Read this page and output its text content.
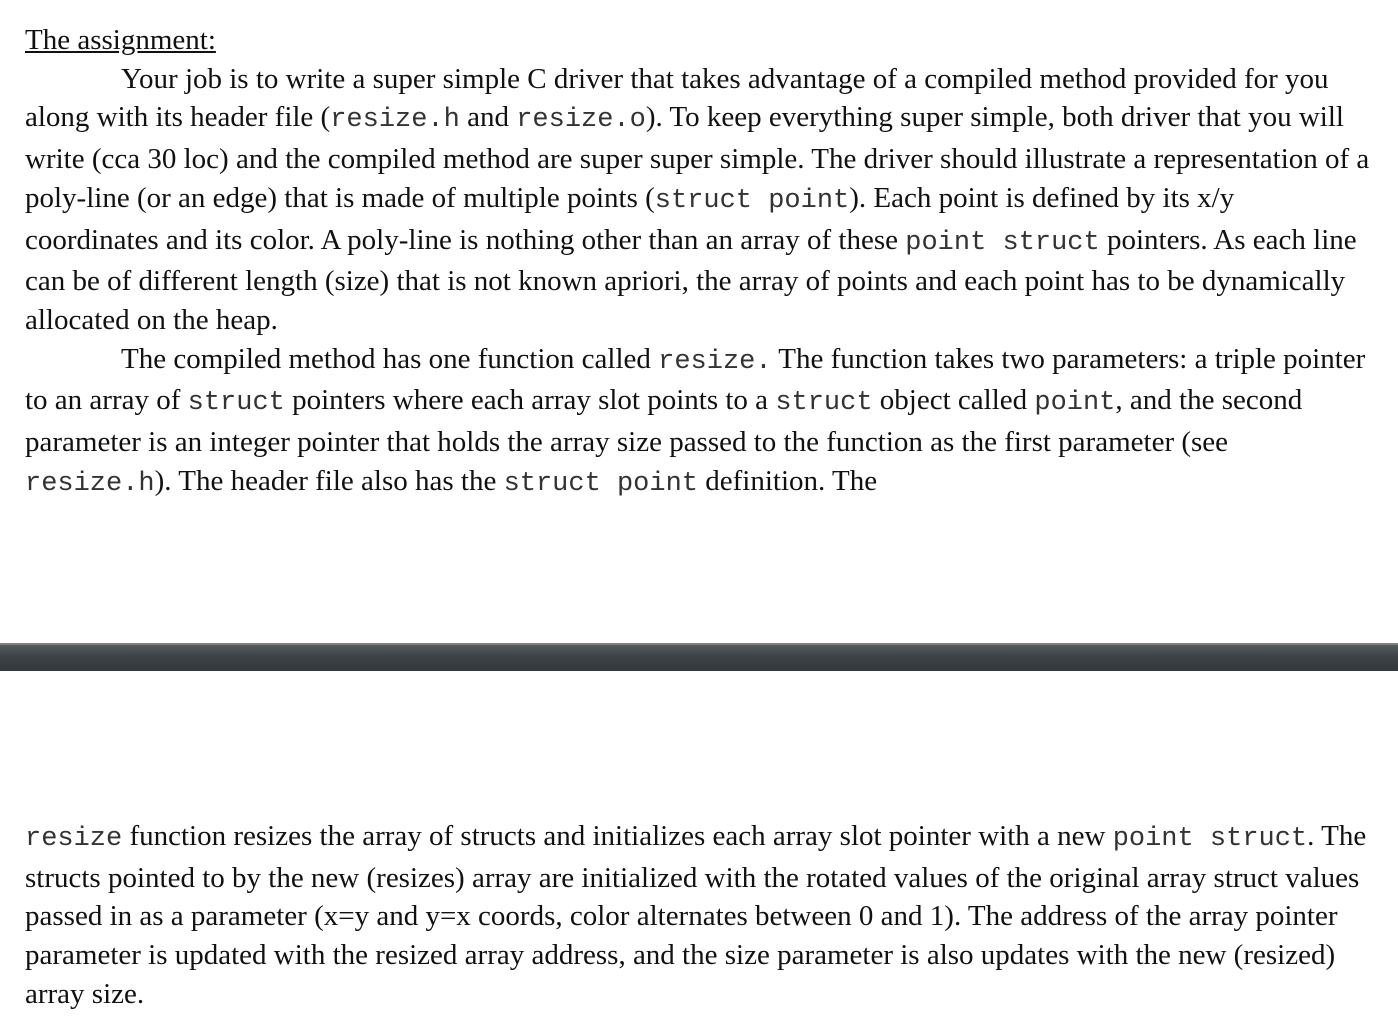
The assignment:

Your job is to write a super simple C driver that takes advantage of a compiled method provided for you along with its header file (resize.h and resize.o). To keep everything super simple, both driver that you will write (cca 30 loc) and the compiled method are super super simple. The driver should illustrate a representation of a poly-line (or an edge) that is made of multiple points (struct point). Each point is defined by its x/y coordinates and its color. A poly-line is nothing other than an array of these point struct pointers. As each line can be of different length (size) that is not known apriori, the array of points and each point has to be dynamically allocated on the heap.

The compiled method has one function called resize. The function takes two parameters: a triple pointer to an array of struct pointers where each array slot points to a struct object called point, and the second parameter is an integer pointer that holds the array size passed to the function as the first parameter (see resize.h). The header file also has the struct point definition. The

resize function resizes the array of structs and initializes each array slot pointer with a new point struct. The structs pointed to by the new (resizes) array are initialized with the rotated values of the original array struct values passed in as a parameter (x=y and y=x coords, color alternates between 0 and 1). The address of the array pointer parameter is updated with the resized array address, and the size parameter is also updates with the new (resized) array size.
